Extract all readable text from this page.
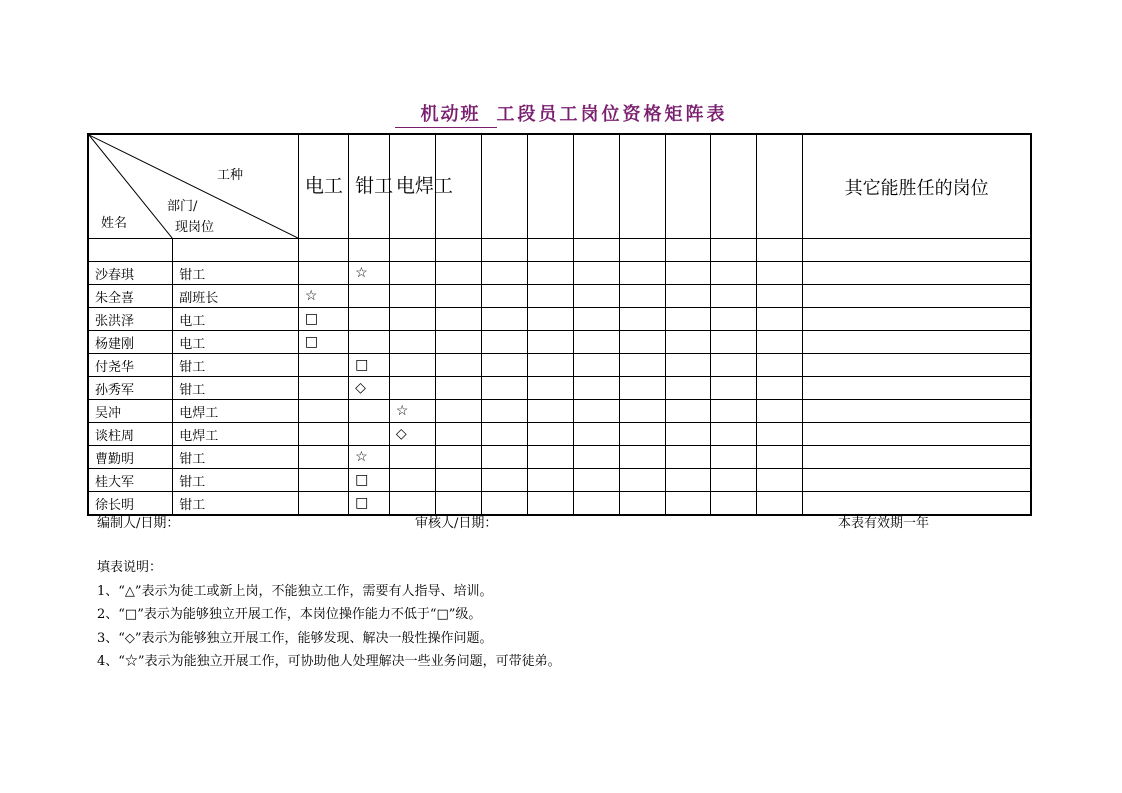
机动班 工段员工岗位资格矩阵表
工种
部门/
现岗位
姓名		电工	钳工	电焊工									其它能胜任的岗位

沙春琪	钳工		☆										
朱全喜	副班长	☆											
张洪泽	电工	□											
杨建刚	电工	□											
付尧华	钳工		□										
孙秀军	钳工		◇										
吴冲	电焊工			☆									
谈柱周	电焊工			◇									
曹勤明	钳工		☆										
桂大军	钳工		□										
徐长明	钳工		□										
编制人/日期：	审核人/日期：	本表有效期一年
填表说明：
1、“△”表示为徒工或新上岗，不能独立工作，需要有人指导、培训。
2、“□”表示为能够独立开展工作，本岗位操作能力不低于“□”级。
3、“◇”表示为能够独立开展工作，能够发现、解决一般性操作问题。
4、“☆”表示为能独立开展工作，可协助他人处理解决一些业务问题，可带徒弟。
